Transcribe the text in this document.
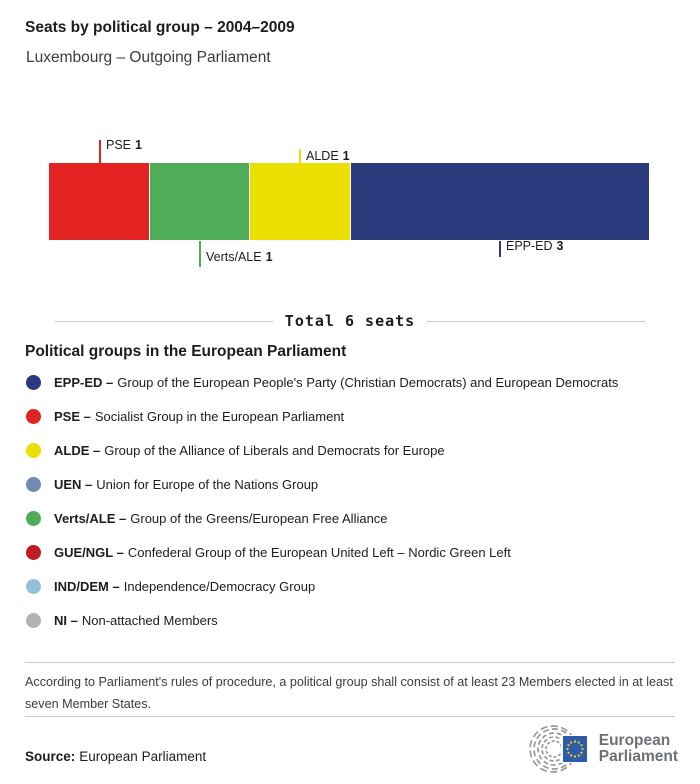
Seats by political group – 2004–2009
Luxembourg – Outgoing Parliament
PSE 1
Verts/ALE 1
ALDE 1
EPP-ED 3
Total 6 seats
Political groups in the European Parliament
EPP-ED – Group of the European People's Party (Christian Democrats) and European Democrats
PSE – Socialist Group in the European Parliament
ALDE – Group of the Alliance of Liberals and Democrats for Europe
UEN – Union for Europe of the Nations Group
Verts/ALE – Group of the Greens/European Free Alliance
GUE/NGL – Confederal Group of the European United Left – Nordic Green Left
IND/DEM – Independence/Democracy Group
NI – Non-attached Members
According to Parliament's rules of procedure, a political group shall consist of at least 23 Members elected in at least seven Member States.
Source: European Parliament
European
Parliament
